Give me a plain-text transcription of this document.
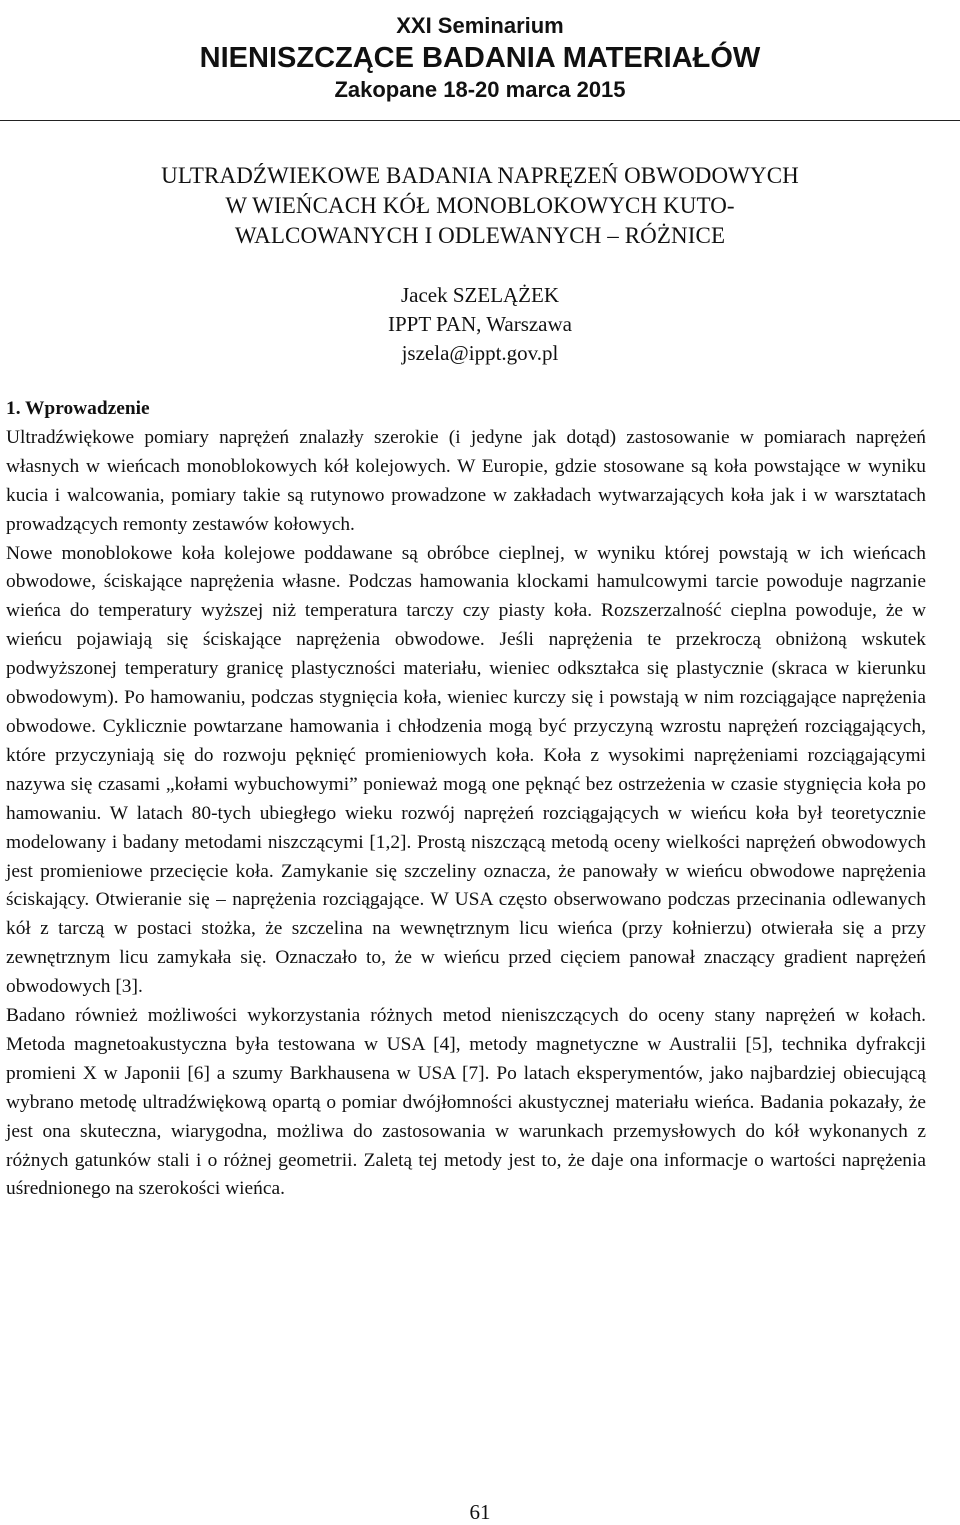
XXI Seminarium
NIENISZCZĄCE BADANIA MATERIAŁÓW
Zakopane 18-20 marca 2015
ULTRADŹWIEKOWE BADANIA NAPRĘZEŃ OBWODOWYCH
W WIEŃCACH KÓŁ MONOBLOKOWYCH KUTO-
WALCOWANYCH I ODLEWANYCH – RÓŻNICE
Jacek SZELĄŻEK
IPPT PAN, Warszawa
jszela@ippt.gov.pl
1. Wprowadzenie

Ultradźwiękowe pomiary naprężeń znalazły szerokie (i jedyne jak dotąd) zastosowanie w pomiarach naprężeń własnych w wieńcach monoblokowych kół kolejowych. W Europie, gdzie stosowane są koła powstające w wyniku kucia i walcowania, pomiary takie są rutynowo prowadzone w zakładach wytwarzających koła jak i w warsztatach prowadzących remonty zestawów kołowych.

Nowe monoblokowe koła kolejowe poddawane są obróbce cieplnej, w wyniku której powstają w ich wieńcach obwodowe, ściskające naprężenia własne. Podczas hamowania klockami hamulcowymi tarcie powoduje nagrzanie wieńca do temperatury wyższej niż temperatura tarczy czy piasty koła. Rozszerzalność cieplna powoduje, że w wieńcu pojawiają się ściskające naprężenia obwodowe. Jeśli naprężenia te przekroczą obniżoną wskutek podwyższonej temperatury granicę plastyczności materiału, wieniec odkształca się plastycznie (skraca w kierunku obwodowym). Po hamowaniu, podczas stygnięcia koła, wieniec kurczy się i powstają w nim rozciągające naprężenia obwodowe. Cyklicznie powtarzane hamowania i chłodzenia mogą być przyczyną wzrostu naprężeń rozciągających, które przyczyniają się do rozwoju pęknięć promieniowych koła. Koła z wysokimi naprężeniami rozciągającymi nazywa się czasami „kołami wybuchowymi” ponieważ mogą one pęknąć bez ostrzeżenia w czasie stygnięcia koła po hamowaniu. W latach 80-tych ubiegłego wieku rozwój naprężeń rozciągających w wieńcu koła był teoretycznie modelowany i badany metodami niszczącymi [1,2]. Prostą niszczącą metodą oceny wielkości naprężeń obwodowych jest promieniowe przecięcie koła. Zamykanie się szczeliny oznacza, że panowały w wieńcu obwodowe naprężenia ściskający. Otwieranie się – naprężenia rozciągające. W USA często obserwowano podczas przecinania odlewanych kół z tarczą w postaci stożka, że szczelina na wewnętrznym licu wieńca (przy kołnierzu) otwierała się a przy zewnętrznym licu zamykała się. Oznaczało to, że w wieńcu przed cięciem panował znaczący gradient naprężeń obwodowych [3].

Badano również możliwości wykorzystania różnych metod nieniszczących do oceny stany naprężeń w kołach. Metoda magnetoakustyczna była testowana w USA [4], metody magnetyczne w Australii [5], technika dyfrakcji promieni X w Japonii [6] a szumy Barkhausena w USA [7]. Po latach eksperymentów, jako najbardziej obiecującą wybrano metodę ultradźwiękową opartą o pomiar dwójłomności akustycznej materiału wieńca. Badania pokazały, że jest ona skuteczna, wiarygodna, możliwa do zastosowania w warunkach przemysłowych do kół wykonanych z różnych gatunków stali i o różnej geometrii. Zaletą tej metody jest to, że daje ona informacje o wartości naprężenia uśrednionego na szerokości wieńca.

61
